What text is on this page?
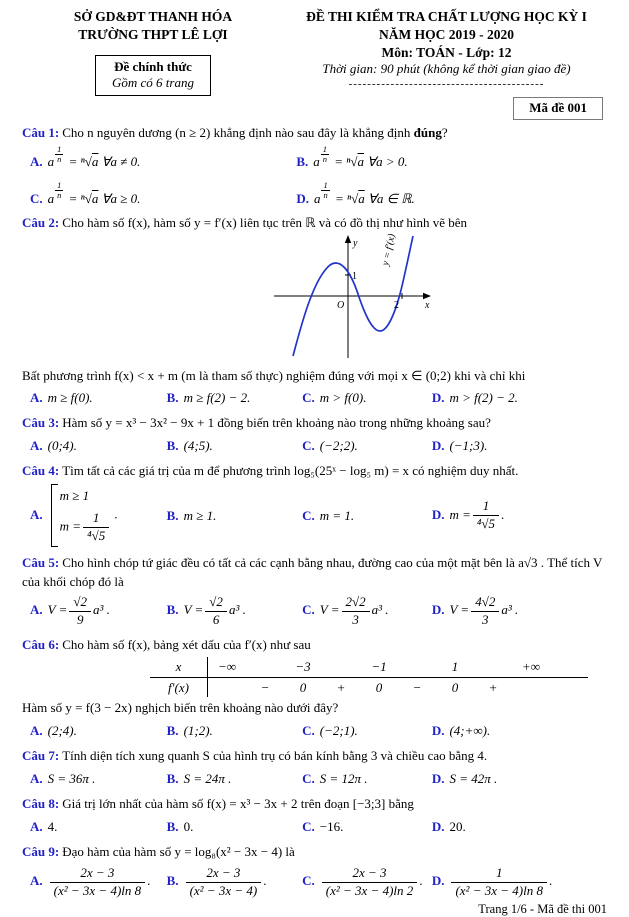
SỞ GD&ĐT THANH HÓA
TRƯỜNG THPT LÊ LỢI
Đề chính thức
Gồm có 6 trang
ĐỀ THI KIỂM TRA CHẤT LƯỢNG HỌC KỲ I
NĂM HỌC 2019 - 2020
Môn: TOÁN - Lớp: 12
Thời gian: 90 phút (không kể thời gian giao đề)
------------------------------------------
Mã đề 001
Câu 1: Cho n nguyên dương (n ≥ 2) khẳng định nào sau đây là khẳng định đúng?
A. a $\frac{1}{n} = ^n√a$ ∀a ≠ 0.	B. a $\frac{1}{n} = ^n√a$ ∀a > 0.
C. a $\frac{1}{n} = ^n√a$ ∀a ≥ 0.	D. a $\frac{1}{n} = ^n√a$ ∀a ∈ ℝ.
Câu 2: Cho hàm số f(x), hàm số y = f′(x) liên tục trên ℝ và có đồ thị như hình vẽ bên
y
x
O
1
2
y = f′(x)
Bất phương trình f(x) < x + m (m là tham số thực) nghiệm đúng với mọi x ∈ (0;2) khi và chỉ khi
A. m ≥ f(0).	B. m ≥ f(2) − 2.	C. m > f(0).	D. m > f(2) − 2.
Câu 3: Hàm số y = x³ − 3x² − 9x + 1 đồng biến trên khoảng nào trong những khoảng sau?
A. (0;4).	B. (4;5).	C. (−2;2).	D. (−1;3).
Câu 4: Tìm tất cả các giá trị của m để phương trình log₅(25ˣ − log₅ m) = x có nghiệm duy nhất.
A.
m ≥ 1
$m = \frac{1}{\text{⁴√5}}$ .	B. m ≥ 1.	C. m = 1.	D. $m = \frac{1}{\text{⁴√5}}$ .
Câu 5: Cho hình chóp tứ giác đều có tất cả các cạnh bằng nhau, đường cao của một mặt bên là a√3 . Thể tích V của khối chóp đó là
A. $V = \frac{√2}{9} a^3$ .	B. $V = \frac{√2}{6} a^3$ .	C. $V = \frac{2√2}{3} a^3$ .	D. $V = \frac{4√2}{3} a^3$ .
Câu 6: Cho hàm số f(x), bảng xét dấu của f′(x) như sau
x	−∞	−3	−1	1	+∞
f′(x)	−	0	+	0	−	0	+
Hàm số y = f(3 − 2x) nghịch biến trên khoảng nào dưới đây?
A. (2;4).	B. (1;2).	C. (−2;1).	D. (4;+∞).
Câu 7: Tính diện tích xung quanh S của hình trụ có bán kính bằng 3 và chiều cao bằng 4.
A. S = 36π .	B. S = 24π .	C. S = 12π .	D. S = 42π .
Câu 8: Giá trị lớn nhất của hàm số f(x) = x³ − 3x + 2 trên đoạn [−3;3] bằng
A. 4.	B. 0.	C. −16.	D. 20.
Câu 9: Đạo hàm của hàm số y = log₈(x² − 3x − 4) là
A. $\frac{2x - 3}{\text{(x² − 3x − 4)ln 8}}$ .	B. $\frac{2x - 3}{\text{(x² − 3x − 4)}}$ .	C. $\frac{2x - 3}{\text{(x² − 3x − 4)ln 2}}$ . D. $\frac{1}{\text{(x² − 3x − 4)ln 8}}$ .
Trang 1/6 - Mã đề thi 001
